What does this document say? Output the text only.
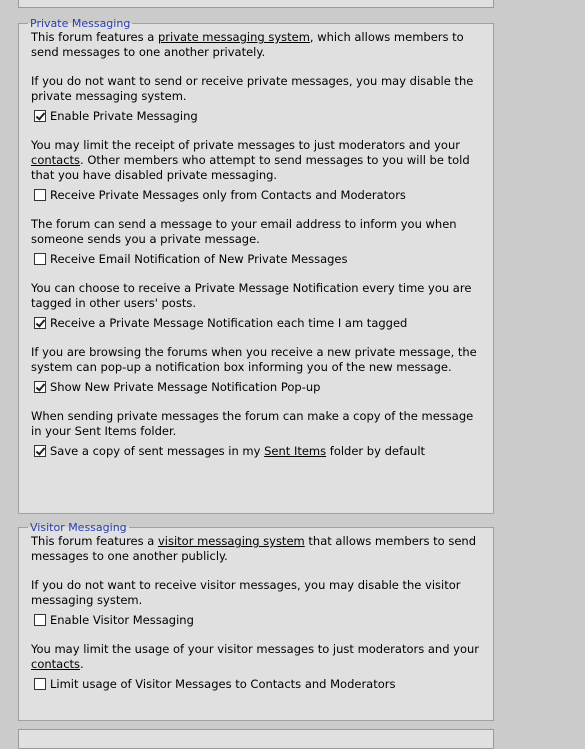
Private Messaging

This forum features a private messaging system, which allows members to send messages to one another privately.

If you do not want to send or receive private messages, you may disable the private messaging system.

Enable Private Messaging

You may limit the receipt of private messages to just moderators and your contacts. Other members who attempt to send messages to you will be told that you have disabled private messaging.

Receive Private Messages only from Contacts and Moderators

The forum can send a message to your email address to inform you when someone sends you a private message.

Receive Email Notification of New Private Messages

You can choose to receive a Private Message Notification every time you are tagged in other users' posts.

Receive a Private Message Notification each time I am tagged

If you are browsing the forums when you receive a new private message, the system can pop-up a notification box informing you of the new message.

Show New Private Message Notification Pop-up

When sending private messages the forum can make a copy of the message in your Sent Items folder.

Save a copy of sent messages in my Sent Items folder by default
Visitor Messaging

This forum features a visitor messaging system that allows members to send messages to one another publicly.

If you do not want to receive visitor messages, you may disable the visitor messaging system.

Enable Visitor Messaging

You may limit the usage of your visitor messages to just moderators and your contacts.

Limit usage of Visitor Messages to Contacts and Moderators
